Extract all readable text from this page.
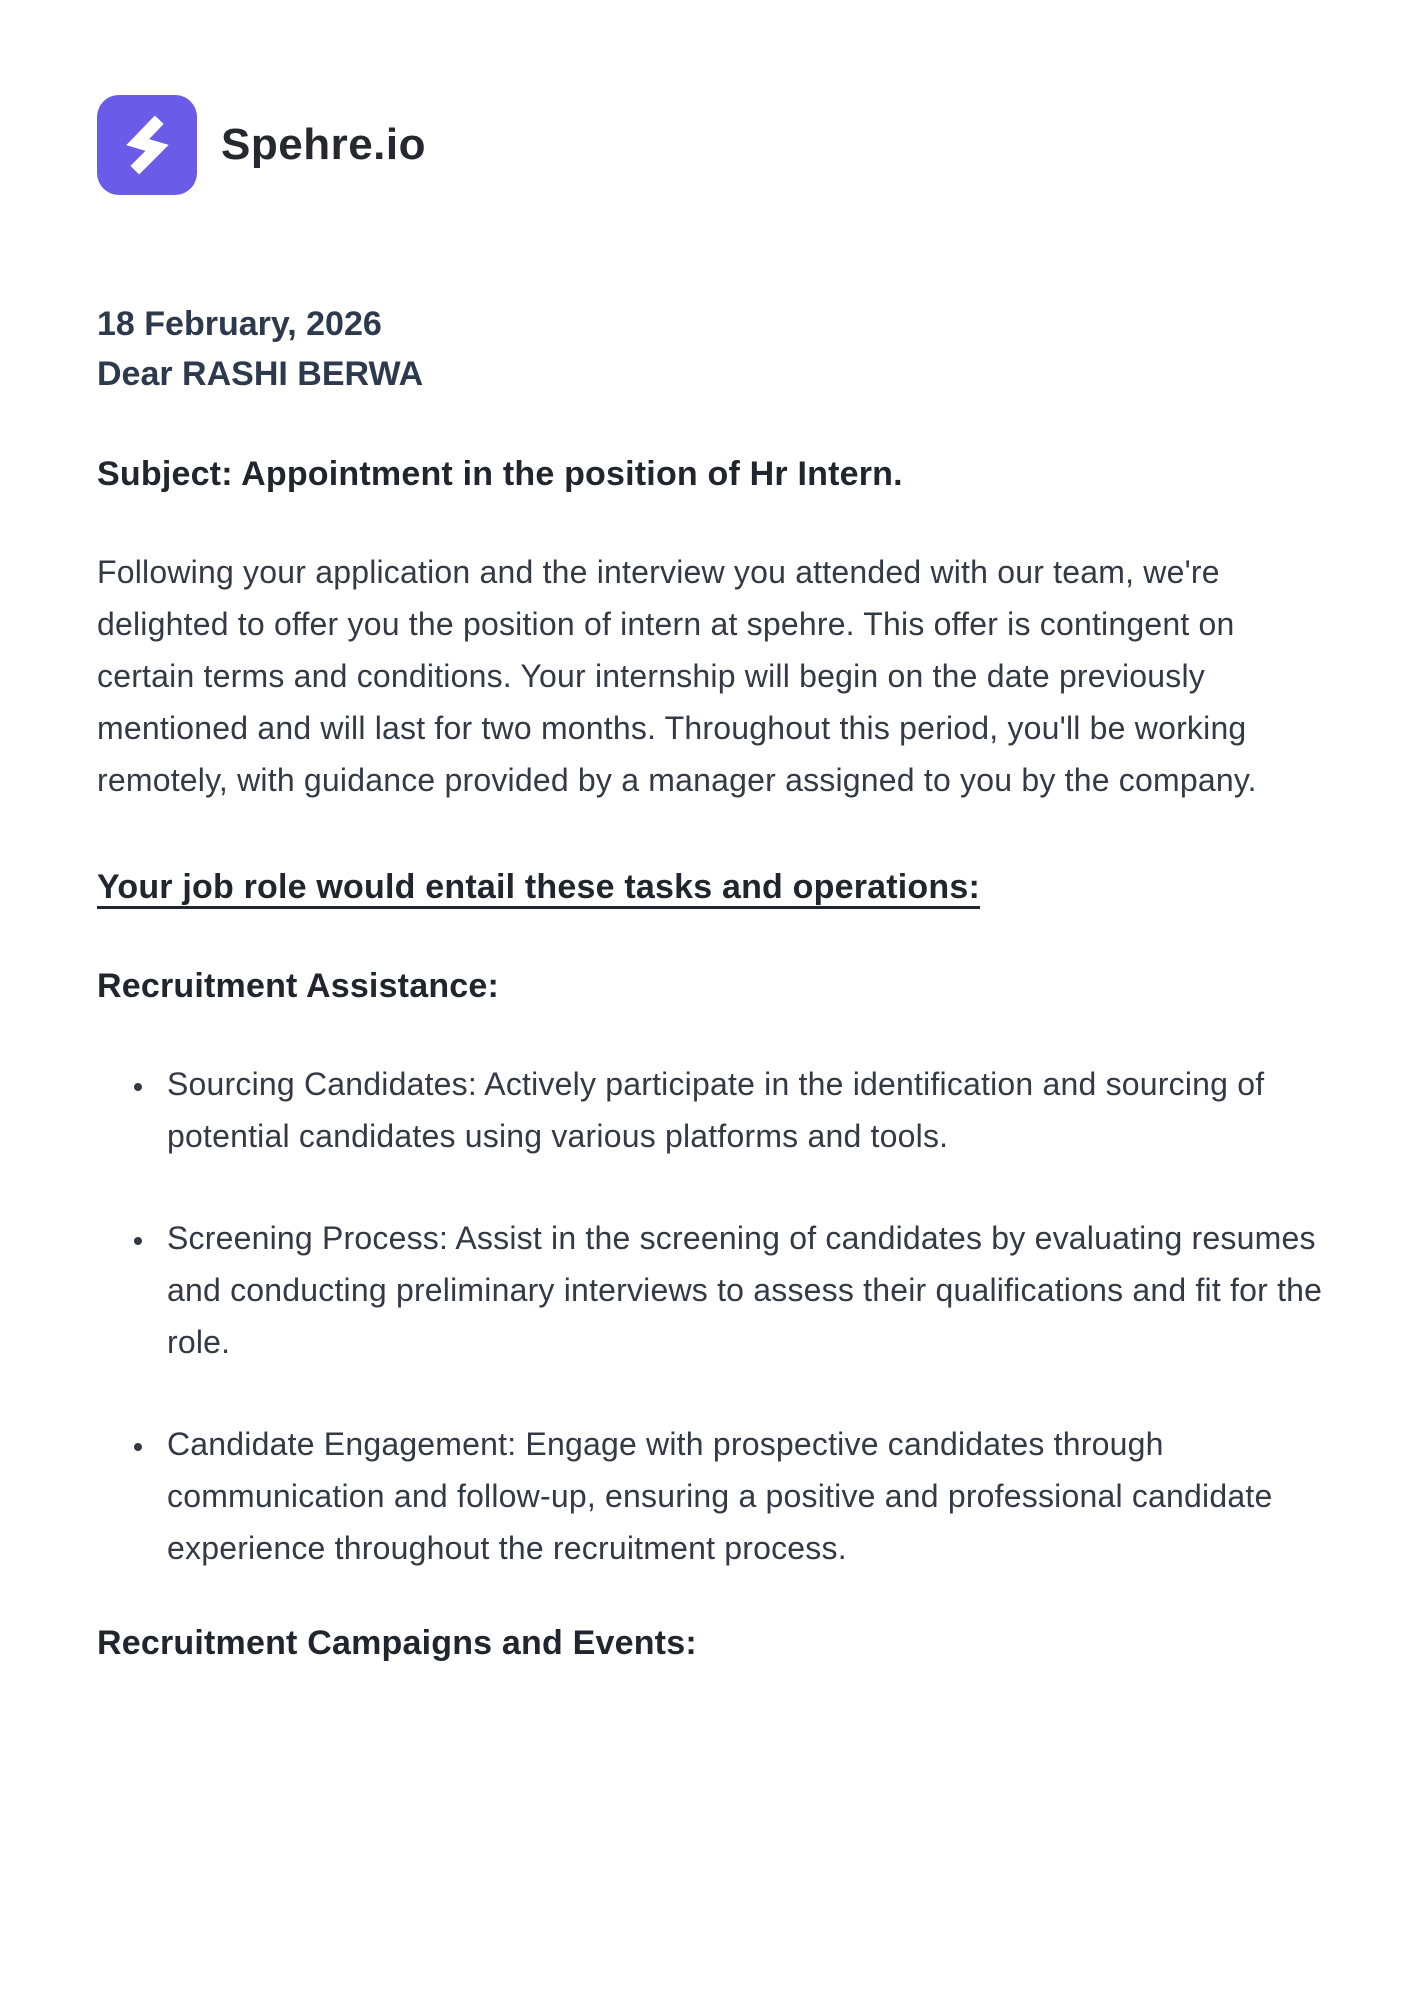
Spehre.io
18 February, 2026
Dear RASHI BERWA
Subject: Appointment in the position of Hr Intern.
Following your application and the interview you attended with our team, we're delighted to offer you the position of intern at spehre. This offer is contingent on certain terms and conditions. Your internship will begin on the date previously mentioned and will last for two months. Throughout this period, you'll be working remotely, with guidance provided by a manager assigned to you by the company.
Your job role would entail these tasks and operations:
Recruitment Assistance:
• Sourcing Candidates: Actively participate in the identification and sourcing of potential candidates using various platforms and tools.
• Screening Process: Assist in the screening of candidates by evaluating resumes and conducting preliminary interviews to assess their qualifications and fit for the role.
• Candidate Engagement: Engage with prospective candidates through communication and follow-up, ensuring a positive and professional candidate experience throughout the recruitment process.
Recruitment Campaigns and Events:
